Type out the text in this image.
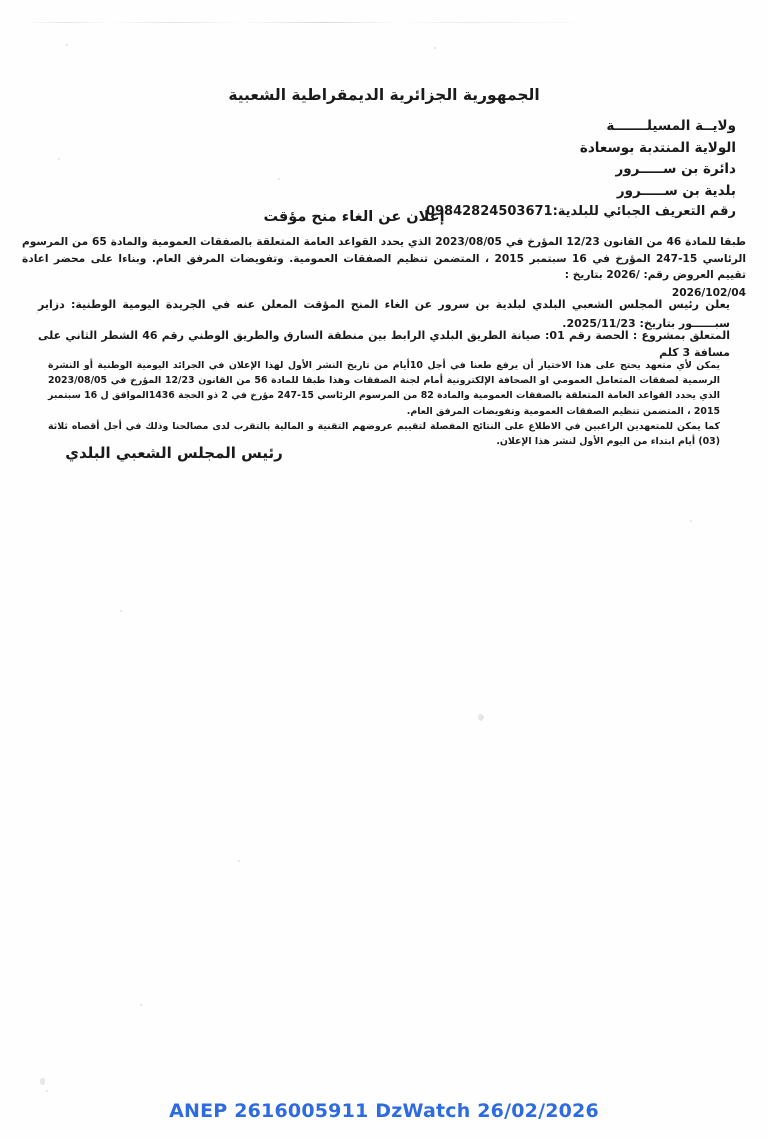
الجمهورية الجزائرية الديمقراطية الشعبية
ولايــة المسيلـــــــة
الولاية المنتدبة بوسعادة
دائرة بن ســـــرور
بلدية بن ســـــرور
رقم التعريف الجبائي للبلدية:09842824503671
إعلان عن الغاء منح مؤقت
طبقا للمادة 46 من القانون 12/23 المؤرخ في 2023/08/05 الذي يحدد القواعد العامة المتعلقة بالصفقات العمومية والمادة 65 من المرسوم الرئاسي 15-247 المؤرخ في 16 سبتمبر 2015 ، المتضمن تنظيم الصفقات العمومية. وتفويضات المرفق العام. وبناءا على محضر اعادة تقييم العروض رقم: /2026 بتاريخ :
2026/102/04
يعلن رئيس المجلس الشعبي البلدي لبلدية بن سرور عن الغاء المنح المؤقت المعلن عنه في الجريدة اليومية الوطنية: دزاير سبــــــور بتاريخ: 2025/11/23.
المتعلق بمشروع : الحصة رقم 01: صيانة الطريق البلدي الرابط بين منطقة السارق والطريق الوطني رقم 46 الشطر الثاني على مسافة 3 كلم

يمكن لأي متعهد يحتج على هذا الاختيار أن يرفع طعنا في أجل 10أيام من تاريخ النشر الأول لهذا الإعلان في الجرائد اليومية الوطنية أو النشرة الرسمية لصفقات المتعامل العمومي او الصحافة الإلكترونية أمام لجنة الصفقات وهذا طبقا للمادة 56 من القانون 12/23 المؤرخ في 2023/08/05 الذي يحدد القواعد العامة المتعلقة بالصفقات العمومية والمادة 82 من المرسوم الرئاسي 15-247 مؤرخ في 2 ذو الحجة 1436المواقق ل 16 سبتمبر 2015 ، المتضمن تنظيم الصفقات العمومية وتفويضات المرفق العام.

كما يمكن للمتعهدين الراغبين في الاطلاع على النتائج المفصلة لتقييم عروضهم التقنية و المالية بالتقرب لدى مصالحنا وذلك في أجل أقصاه ثلاثة (03) أيام ابتداء من اليوم الأول لنشر هذا الإعلان.

رئيس المجلس الشعبي البلدي
ANEP 2616005911 DzWatch 26/02/2026
